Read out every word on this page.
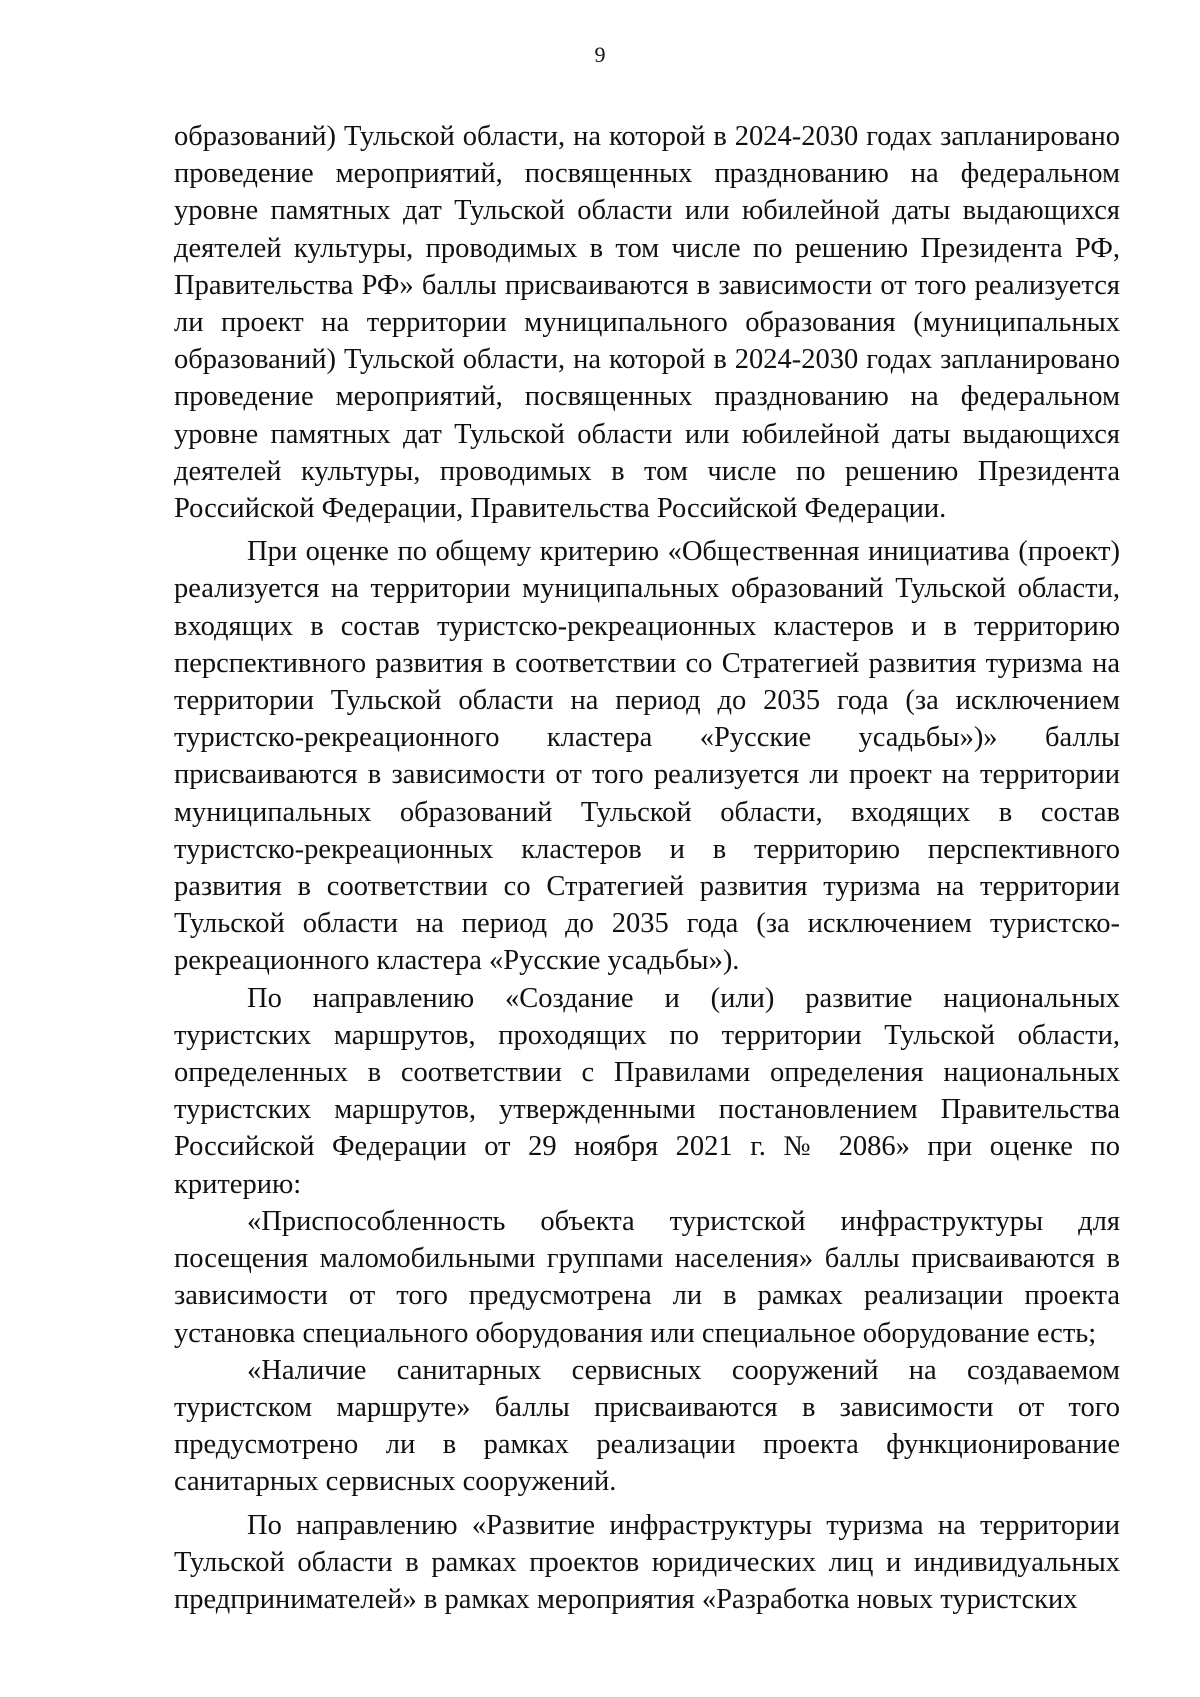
9

образований) Тульской области, на которой в 2024-2030 годах запланировано проведение мероприятий, посвященных празднованию на федеральном уровне памятных дат Тульской области или юбилейной даты выдающихся деятелей культуры, проводимых в том числе по решению Президента РФ, Правительства РФ» баллы присваиваются в зависимости от того реализуется ли проект на территории муниципального образования (муниципальных образований) Тульской области, на которой в 2024-2030 годах запланировано проведение мероприятий, посвященных празднованию на федеральном уровне памятных дат Тульской области или юбилейной даты выдающихся деятелей культуры, проводимых в том числе по решению Президента Российской Федерации, Правительства Российской Федерации.

При оценке по общему критерию «Общественная инициатива (проект) реализуется на территории муниципальных образований Тульской области, входящих в состав туристско-рекреационных кластеров и в территорию перспективного развития в соответствии со Стратегией развития туризма на территории Тульской области на период до 2035 года (за исключением туристско-рекреационного кластера «Русские усадьбы»)» баллы присваиваются в зависимости от того реализуется ли проект на территории муниципальных образований Тульской области, входящих в состав туристско-рекреационных кластеров и в территорию перспективного развития в соответствии со Стратегией развития туризма на территории Тульской области на период до 2035 года (за исключением туристско-рекреационного кластера «Русские усадьбы»).

По направлению «Создание и (или) развитие национальных туристских маршрутов, проходящих по территории Тульской области, определенных в соответствии с Правилами определения национальных туристских маршрутов, утвержденными постановлением Правительства Российской Федерации от 29 ноября 2021 г. № 2086» при оценке по критерию:

«Приспособленность объекта туристской инфраструктуры для посещения маломобильными группами населения» баллы присваиваются в зависимости от того предусмотрена ли в рамках реализации проекта установка специального оборудования или специальное оборудование есть;

«Наличие санитарных сервисных сооружений на создаваемом туристском маршруте» баллы присваиваются в зависимости от того предусмотрено ли в рамках реализации проекта функционирование санитарных сервисных сооружений.

По направлению «Развитие инфраструктуры туризма на территории Тульской области в рамках проектов юридических лиц и индивидуальных предпринимателей» в рамках мероприятия «Разработка новых туристских
